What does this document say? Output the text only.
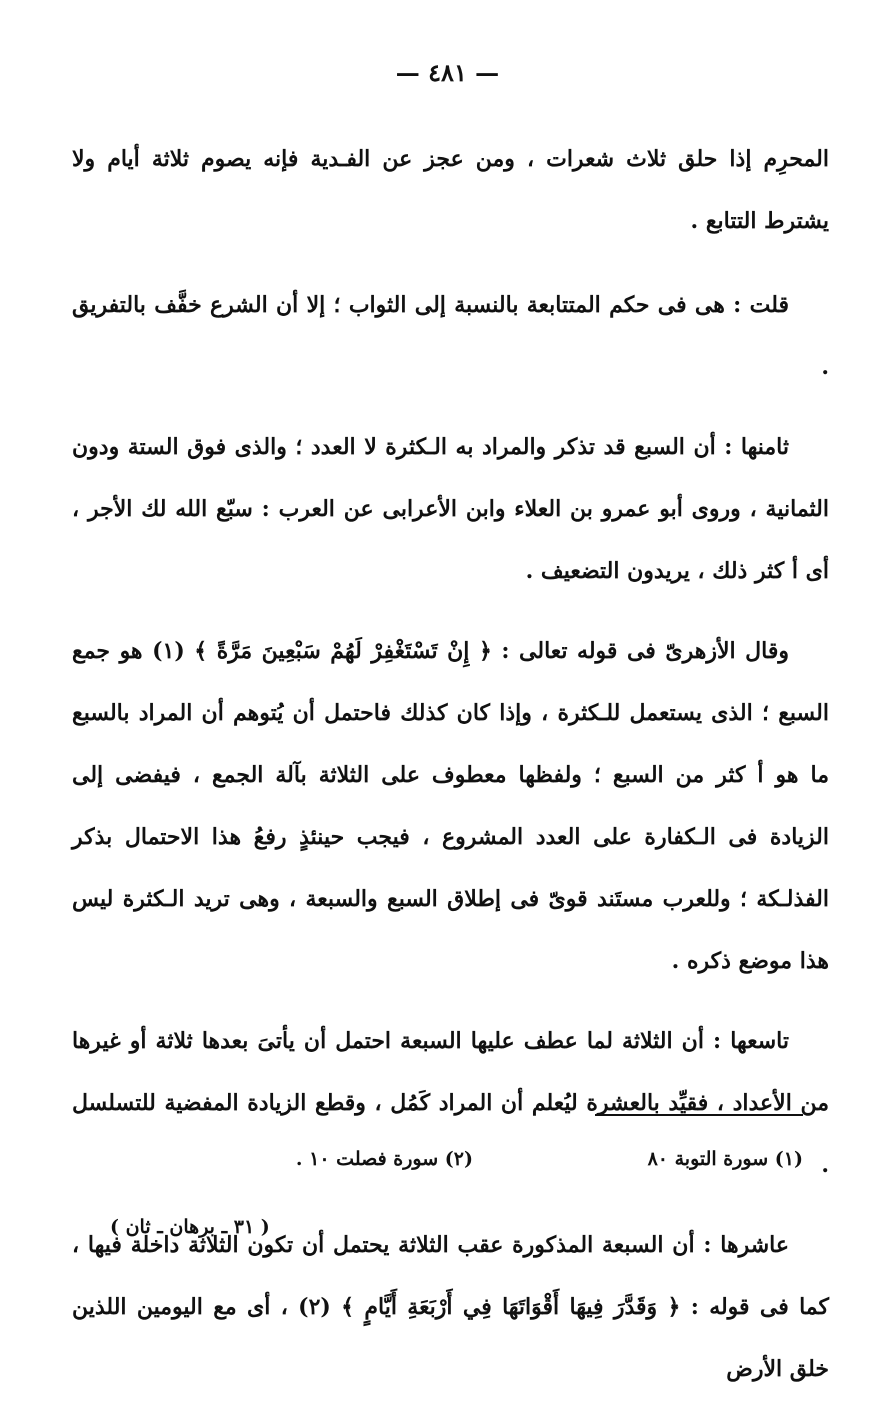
— ٤٨١ —

المحرِم إذا حلق ثلاث شعرات ، ومن عجز عن الفـدية فإنه يصوم ثلاثة أيام ولا يشترط التتابع .

قلت : هى فى حكم المتتابعة بالنسبة إلى الثواب ؛ إلا أن الشرع خفَّف بالتفريق .

ثامنها : أن السبع قد تذكر والمراد به الـكثرة لا العدد ؛ والذى فوق الستة ودون الثمانية ، وروى أبو عمرو بن العلاء وابن الأعرابى عن العرب : سبّع الله لك الأجر ، أى أ كثر ذلك ، يريدون التضعيف .

وقال الأزهرىّ فى قوله تعالى : ﴿ إِنْ تَسْتَغْفِرْ لَهُمْ سَبْعِينَ مَرَّةً ﴾ (١) هو جمع السبع ؛ الذى يستعمل للـكثرة ، وإذا كان كذلك فاحتمل أن يُتوهم أن المراد بالسبع ما هو أ كثر من السبع ؛ ولفظها معطوف على الثلاثة بآلة الجمع ، فيفضى إلى الزيادة فى الـكفارة على العدد المشروع ، فيجب حينئذٍ رفعُ هذا الاحتمال بذكر الفذلـكة ؛ وللعرب مستَند قوىّ فى إطلاق السبع والسبعة ، وهى تريد الـكثرة ليس هذا موضع ذكره .

تاسعها : أن الثلاثة لما عطف عليها السبعة احتمل أن يأتىَ بعدها ثلاثة أو غيرها من الأعداد ، فقيِّد بالعشرة ليُعلم أن المراد كَمُل ، وقطع الزيادة المفضية للتسلسل .

عاشرها : أن السبعة المذكورة عقب الثلاثة يحتمل أن تكون الثلاثة داخلة فيها ، كما فى قوله : ﴿ وَقَدَّرَ فِيهَا أَقْوَاتَهَا فِي أَرْبَعَةِ أَيَّامٍ ﴾ (٢) ، أى مع اليومين اللذين خلق الأرض

(١) سورة التوبة ٨٠
(٢) سورة فصلت ١٠ .
( ٣١ ـ برهان ـ ثان )
